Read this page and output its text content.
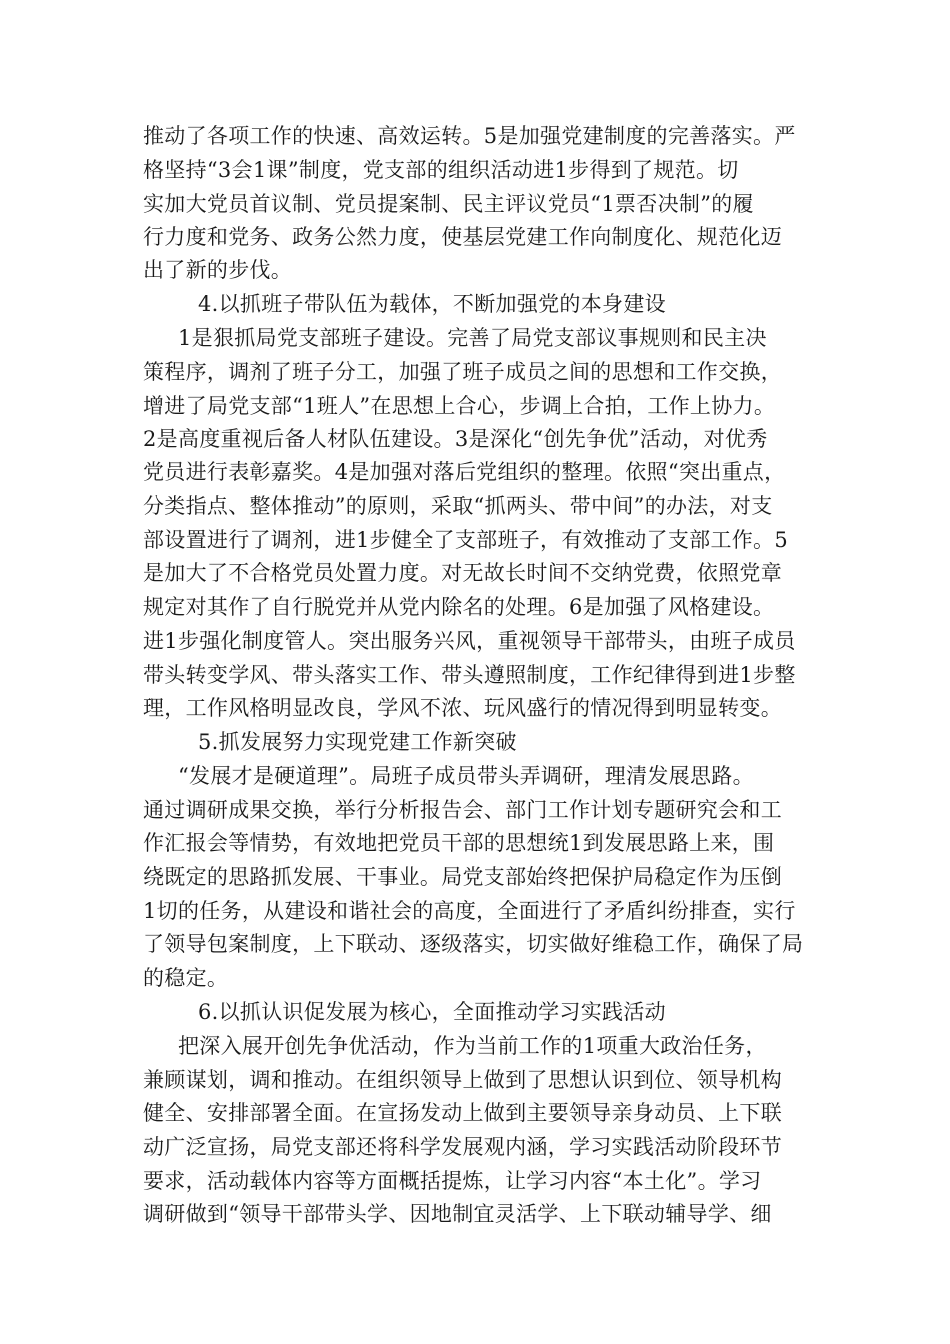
推动了各项工作的快速、高效运转。5是加强党建制度的完善落实。严
格坚持“3会1课”制度，党支部的组织活动进1步得到了规范。切
实加大党员首议制、党员提案制、民主评议党员“1票否决制”的履
行力度和党务、政务公然力度，使基层党建工作向制度化、规范化迈
出了新的步伐。
4.以抓班子带队伍为载体，不断加强党的本身建设
1是狠抓局党支部班子建设。完善了局党支部议事规则和民主决
策程序，调剂了班子分工，加强了班子成员之间的思想和工作交换，
增进了局党支部“1班人”在思想上合心，步调上合拍，工作上协力。
2是高度重视后备人材队伍建设。3是深化“创先争优”活动，对优秀
党员进行表彰嘉奖。4是加强对落后党组织的整理。依照“突出重点，
分类指点、整体推动”的原则，采取“抓两头、带中间”的办法，对支
部设置进行了调剂，进1步健全了支部班子，有效推动了支部工作。5
是加大了不合格党员处置力度。对无故长时间不交纳党费，依照党章
规定对其作了自行脱党并从党内除名的处理。6是加强了风格建设。
进1步强化制度管人。突出服务兴风，重视领导干部带头，由班子成员
带头转变学风、带头落实工作、带头遵照制度，工作纪律得到进1步整
理，工作风格明显改良，学风不浓、玩风盛行的情况得到明显转变。
5.抓发展努力实现党建工作新突破
“发展才是硬道理”。局班子成员带头弄调研，理清发展思路。
通过调研成果交换，举行分析报告会、部门工作计划专题研究会和工
作汇报会等情势，有效地把党员干部的思想统1到发展思路上来，围
绕既定的思路抓发展、干事业。局党支部始终把保护局稳定作为压倒
1切的任务，从建设和谐社会的高度，全面进行了矛盾纠纷排查，实行
了领导包案制度，上下联动、逐级落实，切实做好维稳工作，确保了局
的稳定。
6.以抓认识促发展为核心，全面推动学习实践活动
把深入展开创先争优活动，作为当前工作的1项重大政治任务，
兼顾谋划，调和推动。在组织领导上做到了思想认识到位、领导机构
健全、安排部署全面。在宣扬发动上做到主要领导亲身动员、上下联
动广泛宣扬，局党支部还将科学发展观内涵，学习实践活动阶段环节
要求，活动载体内容等方面概括提炼，让学习内容“本土化”。学习
调研做到“领导干部带头学、因地制宜灵活学、上下联动辅导学、细
